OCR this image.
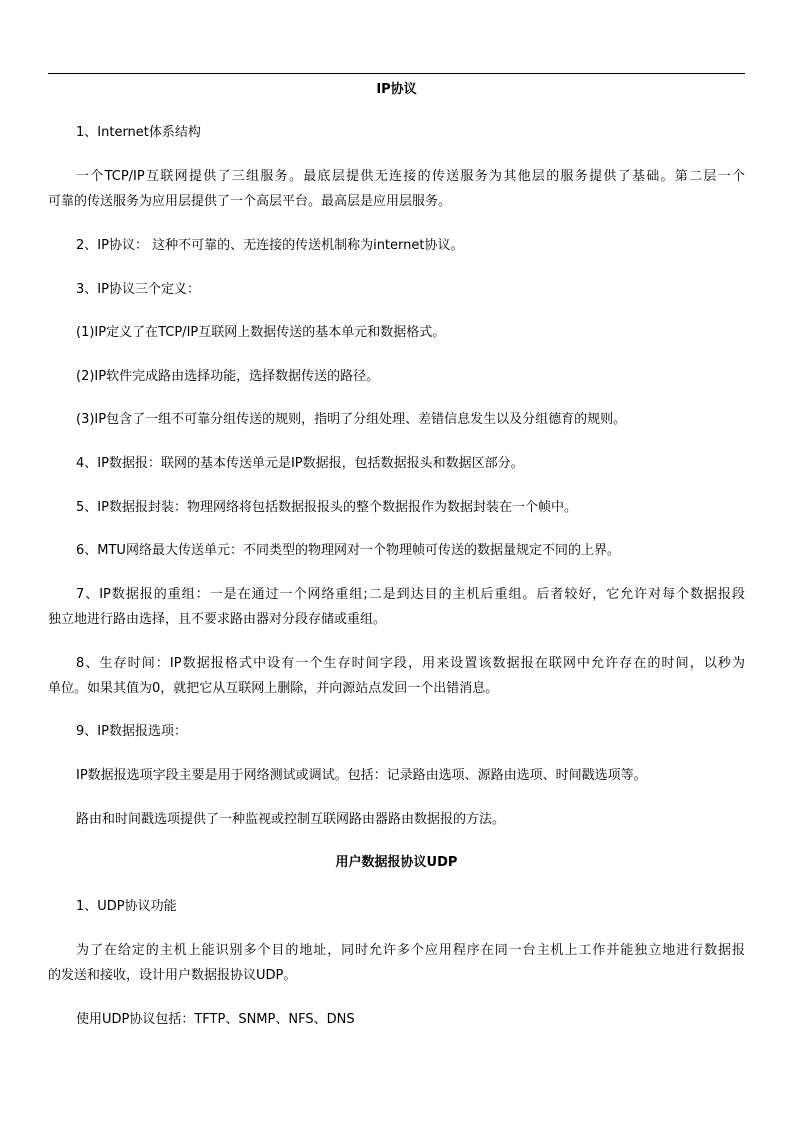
IP协议
1、Internet体系结构
一个TCP/IP互联网提供了三组服务。最底层提供无连接的传送服务为其他层的服务提供了基础。第二层一个
可靠的传送服务为应用层提供了一个高层平台。最高层是应用层服务。
2、IP协议： 这种不可靠的、无连接的传送机制称为internet协议。
3、IP协议三个定义：
(1)IP定义了在TCP/IP互联网上数据传送的基本单元和数据格式。
(2)IP软件完成路由选择功能，选择数据传送的路径。
(3)IP包含了一组不可靠分组传送的规则，指明了分组处理、差错信息发生以及分组德育的规则。
4、IP数据报：联网的基本传送单元是IP数据报，包括数据报头和数据区部分。
5、IP数据报封装：物理网络将包括数据报报头的整个数据报作为数据封装在一个帧中。
6、MTU网络最大传送单元：不同类型的物理网对一个物理帧可传送的数据量规定不同的上界。
7、IP数据报的重组：一是在通过一个网络重组;二是到达目的主机后重组。后者较好，它允许对每个数据报段
独立地进行路由选择，且不要求路由器对分段存储或重组。
8、生存时间：IP数据报格式中设有一个生存时间字段，用来设置该数据报在联网中允许存在的时间，以秒为
单位。如果其值为0，就把它从互联网上删除，并向源站点发回一个出错消息。
9、IP数据报选项：
IP数据报选项字段主要是用于网络测试或调试。包括：记录路由选项、源路由选项、时间戳选项等。
路由和时间戳选项提供了一种监视或控制互联网路由器路由数据报的方法。
用户数据报协议UDP
1、UDP协议功能
为了在给定的主机上能识别多个目的地址，同时允许多个应用程序在同一台主机上工作并能独立地进行数据报
的发送和接收，设计用户数据报协议UDP。
使用UDP协议包括：TFTP、SNMP、NFS、DNS
